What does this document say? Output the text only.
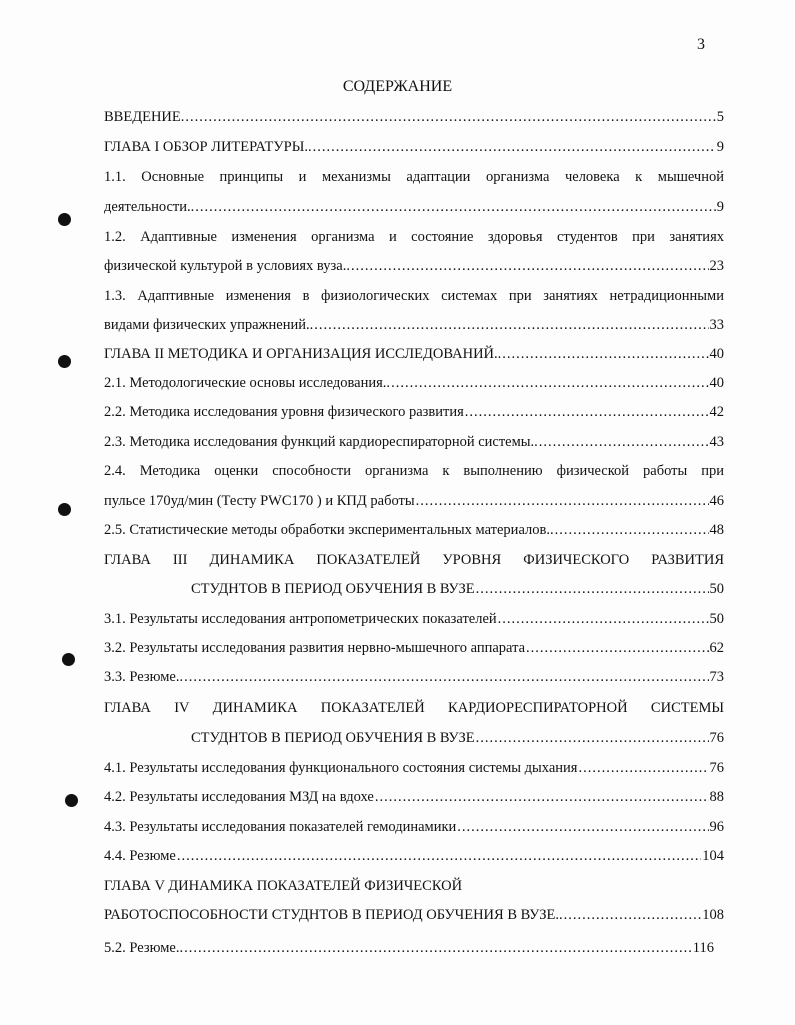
3
СОДЕРЖАНИЕ
ВВЕДЕНИЕ. .....	5
ГЛАВА I ОБЗОР ЛИТЕРАТУРЫ.. .....	9
1.1. Основные принципы и механизмы адаптации организма человека к мышечной
деятельности.. .....	9
1.2. Адаптивные изменения организма и состояние здоровья студентов при занятиях
физической культурой в условиях вуза.. .....	23
1.3. Адаптивные изменения в физиологических системах при занятиях нетрадиционными
видами физических упражнений.. .....	33
ГЛАВА II МЕТОДИКА И ОРГАНИЗАЦИЯ ИССЛЕДОВАНИЙ.. .....	40
2.1. Методологические основы исследования.. .....	40
2.2. Методика исследования уровня физического развития .....	42
2.3. Методика исследования функций кардиореспираторной системы.. .....	43
2.4. Методика оценки способности организма к выполнению физической работы при
пульсе 170уд/мин (Тесту PWC170 ) и КПД работы .....	46
2.5. Статистические методы обработки экспериментальных материалов.. .....	48
ГЛАВА III ДИНАМИКА ПОКАЗАТЕЛЕЙ УРОВНЯ ФИЗИЧЕСКОГО РАЗВИТИЯ
СТУДНТОВ В ПЕРИОД ОБУЧЕНИЯ В ВУЗЕ .....	50
3.1. Результаты исследования антропометрических показателей .....	50
3.2. Результаты исследования развития нервно-мышечного аппарата .....	62
3.3. Резюме.. .....	73
ГЛАВА IV ДИНАМИКА ПОКАЗАТЕЛЕЙ КАРДИОРЕСПИРАТОРНОЙ СИСТЕМЫ
СТУДНТОВ В ПЕРИОД ОБУЧЕНИЯ В ВУЗЕ .....	76
4.1. Результаты исследования функционального состояния системы дыхания .....	76
4.2. Результаты исследования МЗД на вдохе .....	88
4.3. Результаты исследования показателей гемодинамики .....	96
4.4. Резюме .....	104
ГЛАВА V ДИНАМИКА ПОКАЗАТЕЛЕЙ ФИЗИЧЕСКОЙ
РАБОТОСПОСОБНОСТИ СТУДНТОВ В ПЕРИОД ОБУЧЕНИЯ В ВУЗЕ.. .....	108
5.2. Резюме.. .....	116
